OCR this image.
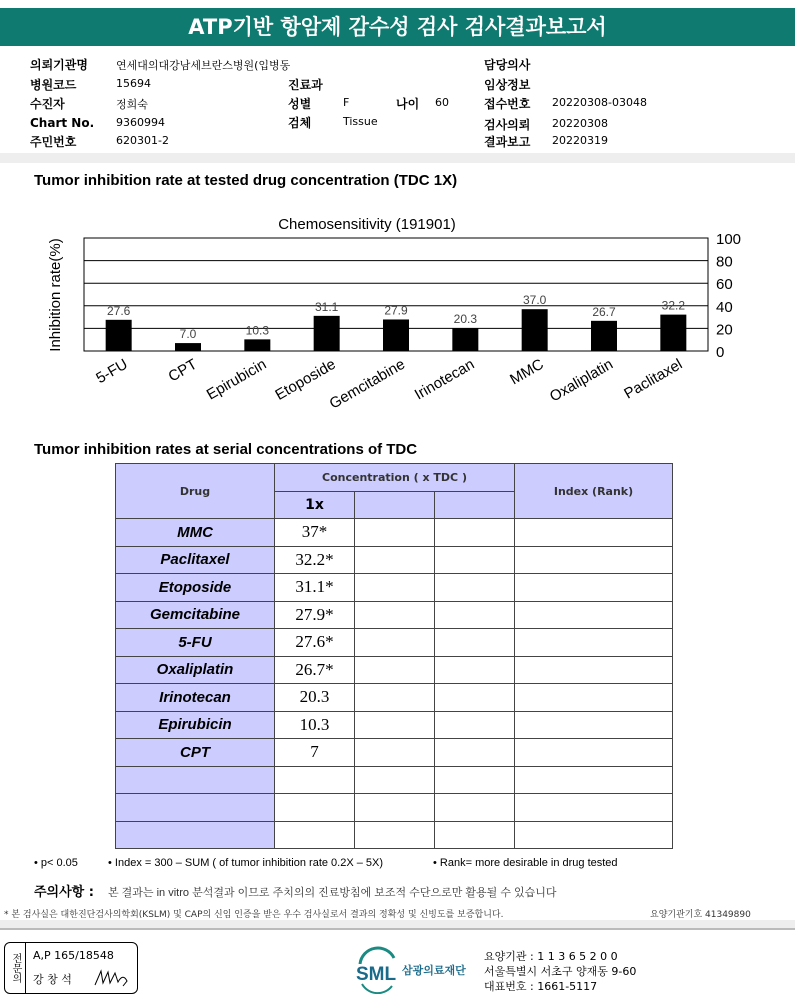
ATP기반 항암제 감수성 검사 검사결과보고서
의뢰기관명	연세대의대강남세브란스병원(입병동
병원코드	15694
수진자	정희숙
Chart No. 9360994
주민번호	620301-2
진료과
성별	F	나이 60
검체	Tissue
담당의사
임상정보
접수번호 20220308-03048
검사의뢰 20220308
결과보고 20220319
Tumor inhibition rate at tested drug concentration (TDC 1X)
Chemosensitivity (191901)
Inhibition rate(%)	100
80
60
40
20
0
27.6
5-FU
7.0
CPT
10.3
Epirubicin
31.1
Etoposide
27.9
Gemcitabine
20.3
Irinotecan
37.0
MMC
26.7
Oxaliplatin
32.2
Paclitaxel
Tumor inhibition rates at serial concentrations of TDC
Drug	Concentration ( x TDC )			Index (Rank)
	1x			
MMC	37*			
Paclitaxel	32.2*			
Etoposide	31.1*			
Gemcitabine	27.9*			
5-FU	27.6*			
Oxaliplatin	26.7*			
Irinotecan	20.3			
Epirubicin	10.3			
CPT	7			

• p< 0.05	• Index = 300 – SUM ( of tumor inhibition rate 0.2X – 5X)	• Rank= more desirable in drug tested
주의사항 : 본 결과는 in vitro 분석결과 이므로 주치의의 진료방침에 보조적 수단으로만 활용될 수 있습니다
* 본 검사실은 대한진단검사의학회(KSLM) 및 CAP의 신임 인증을 받은 우수 검사실로서 결과의 정확성 및 신빙도를 보증합니다.	요양기관기호 41349890
전문의	A,P 165/18548
강 창 석	SML 삼광의료재단
요양기관 : 1 1 3 6 5 2 0 0
서울특별시 서초구 양재동 9-60
대표번호 : 1661-5117
